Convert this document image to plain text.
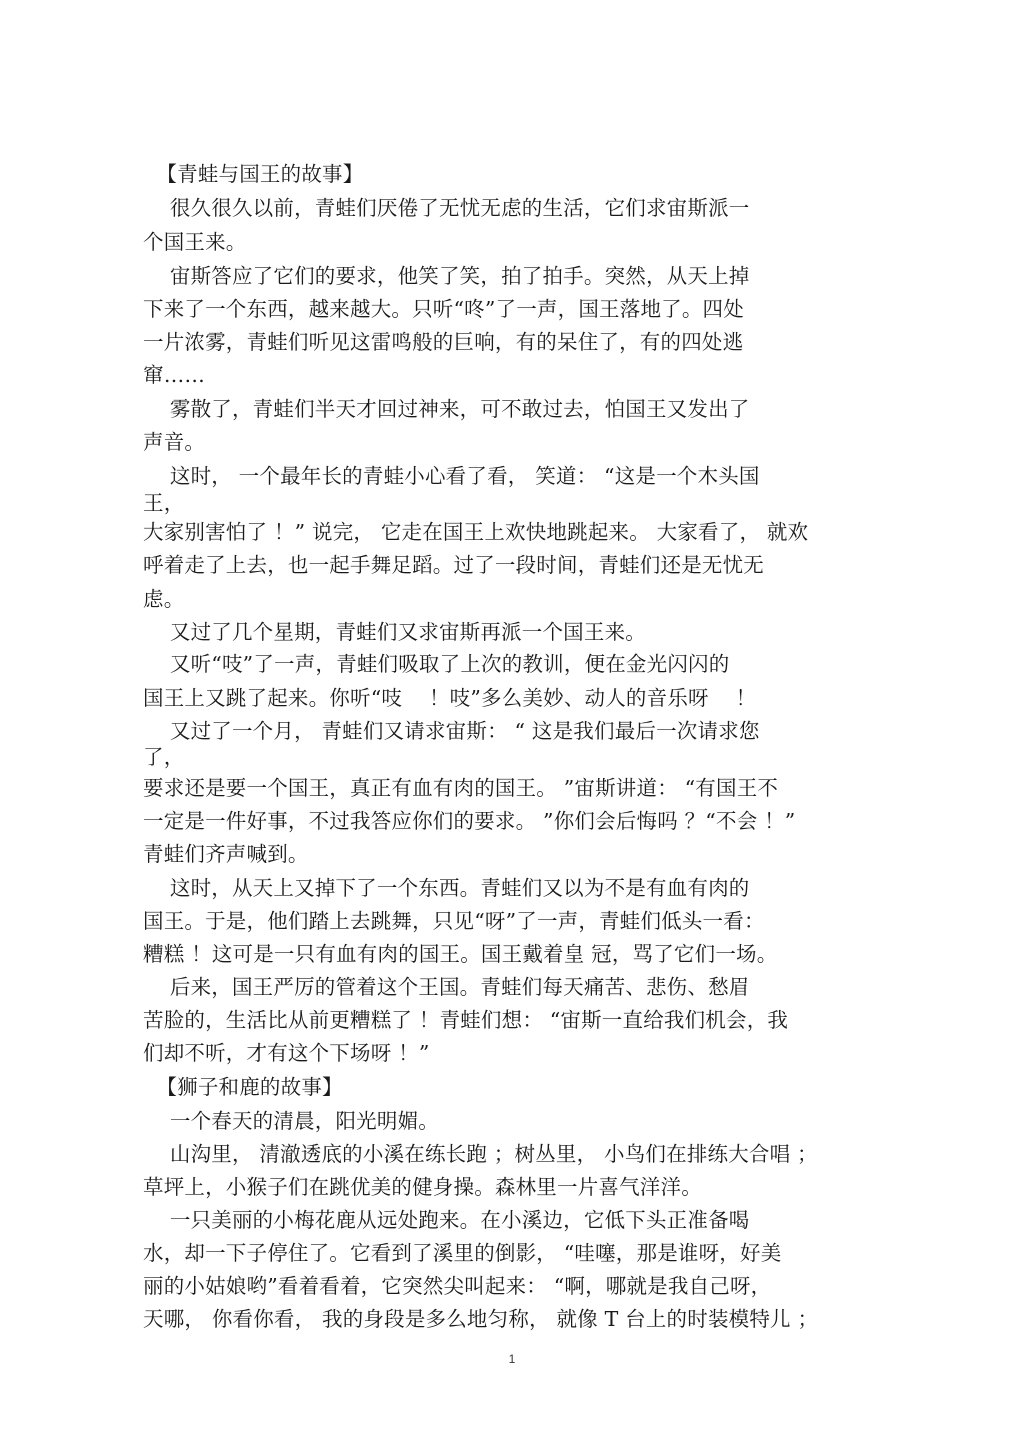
【青蛙与国王的故事】
很久很久以前，青蛙们厌倦了无忧无虑的生活，它们求宙斯派一
个国王来。
宙斯答应了它们的要求，他笑了笑，拍了拍手。突然，从天上掉
下来了一个东西，越来越大。只听“咚”了一声，国王落地了。四处
一片浓雾，青蛙们听见这雷鸣般的巨响，有的呆住了，有的四处逃
窜……
雾散了，青蛙们半天才回过神来，可不敢过去，怕国王又发出了
声音。
这时， 一个最年长的青蛙小心看了看， 笑道： “这是一个木头国
王，
大家别害怕了 ！” 说完， 它走在国王上欢快地跳起来。 大家看了， 就欢
呼着走了上去，也一起手舞足蹈。过了一段时间，青蛙们还是无忧无
虑。
又过了几个星期，青蛙们又求宙斯再派一个国王来。
又听“吱”了一声，青蛙们吸取了上次的教训，便在金光闪闪的
国王上又跳了起来。你听“吱    ！吱”多么美妙、动人的音乐呀    ！
又过了一个月， 青蛙们又请求宙斯： “ 这是我们最后一次请求您
了，
要求还是要一个国王，真正有血有肉的国王。 ”宙斯讲道： “有国王不
一定是一件好事，不过我答应你们的要求。 ”你们会后悔吗 ？“不会 ！”
青蛙们齐声喊到。
这时，从天上又掉下了一个东西。青蛙们又以为不是有血有肉的
国王。于是，他们踏上去跳舞，只见“呀”了一声，青蛙们低头一看：
糟糕 ！这可是一只有血有肉的国王。国王戴着皇 冠，骂了它们一场。
后来，国王严厉的管着这个王国。青蛙们每天痛苦、悲伤、愁眉
苦脸的，生活比从前更糟糕了 ！青蛙们想： “宙斯一直给我们机会，我
们却不听，才有这个下场呀 ！”
【狮子和鹿的故事】
一个春天的清晨，阳光明媚。
山沟里， 清澈透底的小溪在练长跑 ；树丛里， 小鸟们在排练大合唱 ；
草坪上，小猴子们在跳优美的健身操。森林里一片喜气洋洋。
一只美丽的小梅花鹿从远处跑来。在小溪边，它低下头正准备喝
水，却一下子停住了。它看到了溪里的倒影， “哇噻，那是谁呀，好美
丽的小姑娘哟”看着看着，它突然尖叫起来： “啊，哪就是我自己呀，
天哪， 你看你看， 我的身段是多么地匀称， 就像 T 台上的时装模特儿 ；
1
